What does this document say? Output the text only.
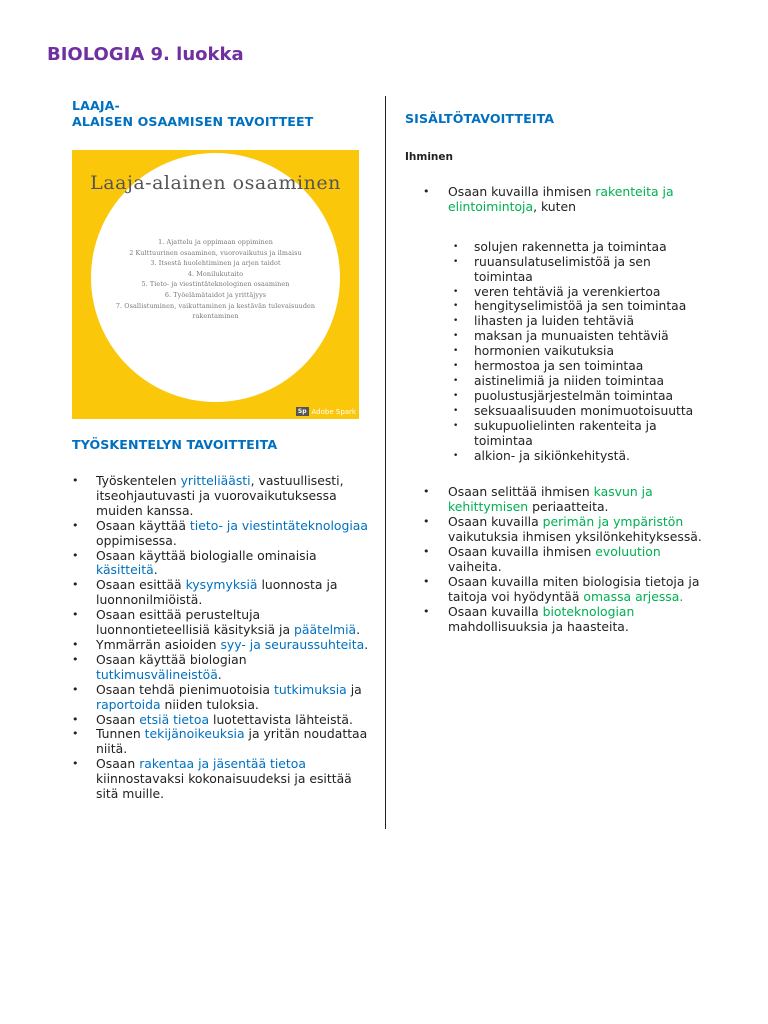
BIOLOGIA 9. luokka
LAAJA-
ALAISEN OSAAMISEN TAVOITTEET
Laaja-alainen osaaminen
1. Ajattelu ja oppimaan oppiminen
2 Kulttuurinen osaaminen, vuorovaikutus ja ilmaisu
3. Itsestä huolehtiminen ja arjen taidot
4. Monilukutaito
5. Tieto- ja viestintäteknologinen osaaminen
6. Työelämätaidot ja yrittäjyys
7. Osallistuminen, vaikuttaminen ja kestävän tulevaisuuden
rakentaminen
Sp Adobe Spark
TYÖSKENTELYN TAVOITTEITA
• Työskentelen yritteliäästi, vastuullisesti, itseohjautuvasti ja vuorovaikutuksessa muiden kanssa.
• Osaan käyttää tieto- ja viestintäteknologiaa oppimisessa.
• Osaan käyttää biologialle ominaisia käsitteitä.
• Osaan esittää kysymyksiä luonnosta ja luonnonilmiöistä.
• Osaan esittää perusteltuja luonnontieteellisiä käsityksiä ja päätelmiä.
• Ymmärrän asioiden syy- ja seuraussuhteita.
• Osaan käyttää biologian tutkimusvälineistöä.
• Osaan tehdä pienimuotoisia tutkimuksia ja raportoida niiden tuloksia.
• Osaan etsiä tietoa luotettavista lähteistä.
• Tunnen tekijänoikeuksia ja yritän noudattaa niitä.
• Osaan rakentaa ja jäsentää tietoa kiinnostavaksi kokonaisuudeksi ja esittää sitä muille.
SISÄLTÖTAVOITTEITA
Ihminen
• Osaan kuvailla ihmisen rakenteita ja elintoimintoja, kuten
• solujen rakennetta ja toimintaa
• ruuansulatuselimistöä ja sen toimintaa
• veren tehtäviä ja verenkiertoa
• hengityselimistöä ja sen toimintaa
• lihasten ja luiden tehtäviä
• maksan ja munuaisten tehtäviä
• hormonien vaikutuksia
• hermostoa ja sen toimintaa
• aistinelimiä ja niiden toimintaa
• puolustusjärjestelmän toimintaa
• seksuaalisuuden monimuotoisuutta
• sukupuolielinten rakenteita ja toimintaa
• alkion- ja sikiönkehitystä.
• Osaan selittää ihmisen kasvun ja kehittymisen periaatteita.
• Osaan kuvailla perimän ja ympäristön vaikutuksia ihmisen yksilönkehityksessä.
• Osaan kuvailla ihmisen evoluution vaiheita.
• Osaan kuvailla miten biologisia tietoja ja taitoja voi hyödyntää omassa arjessa.
• Osaan kuvailla bioteknologian mahdollisuuksia ja haasteita.
